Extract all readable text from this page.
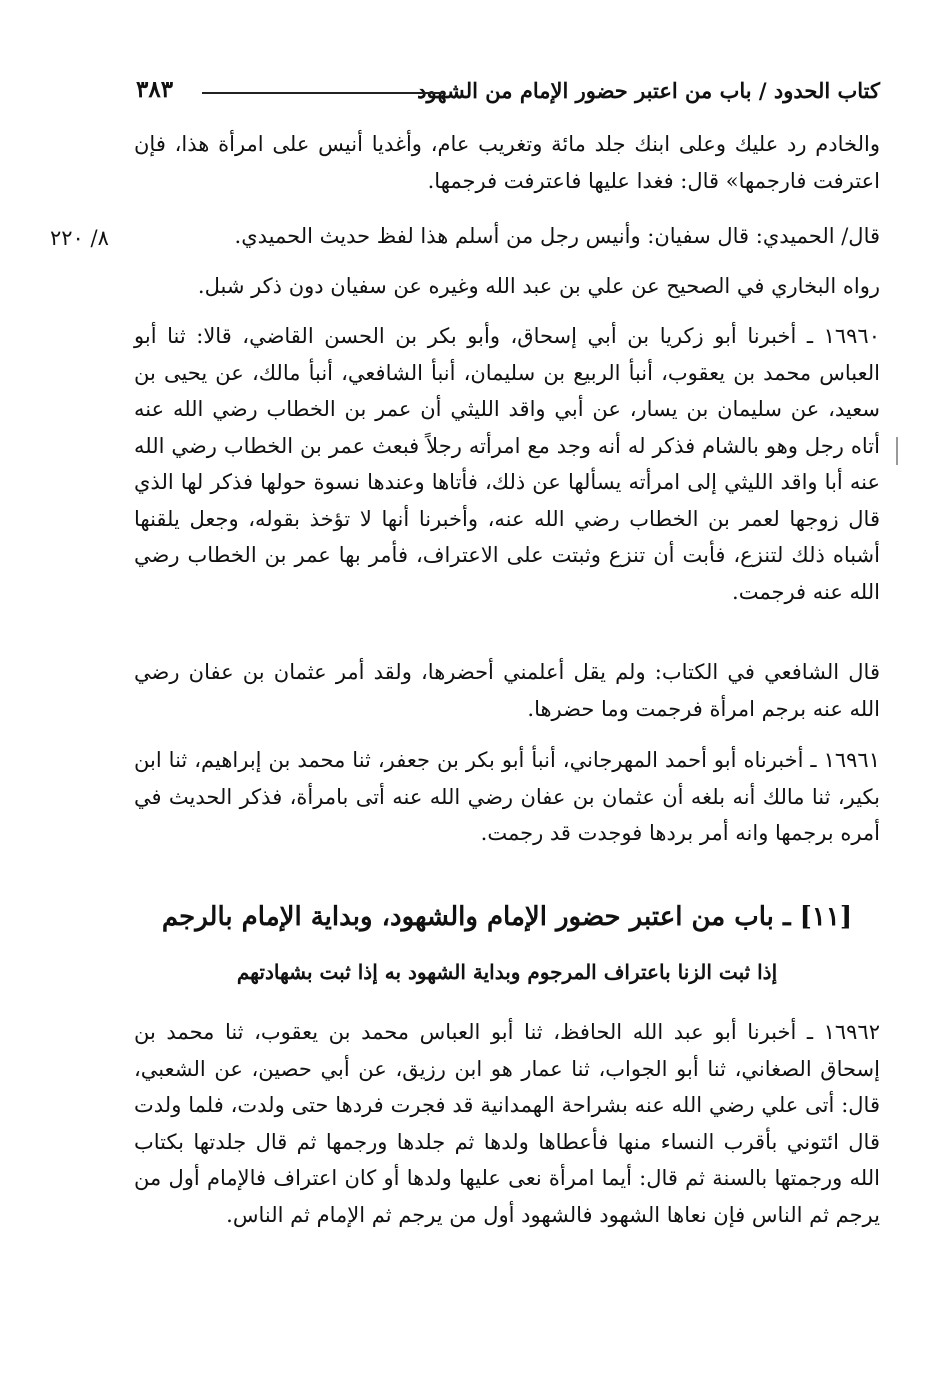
كتاب الحدود / باب من اعتبر حضور الإمام من الشهود
٣٨٣
٨/ ٢٢٠

والخادم رد عليك وعلى ابنك جلد مائة وتغريب عام، وأغديا أنيس على امرأة هذا، فإن اعترفت فارجمها» قال: فغدا عليها فاعترفت فرجمها.

قال/ الحميدي: قال سفيان: وأنيس رجل من أسلم هذا لفظ حديث الحميدي.

رواه البخاري في الصحيح عن علي بن عبد الله وغيره عن سفيان دون ذكر شبل.

١٦٩٦٠ ـ أخبرنا أبو زكريا بن أبي إسحاق، وأبو بكر بن الحسن القاضي، قالا: ثنا أبو العباس محمد بن يعقوب، أنبأ الربيع بن سليمان، أنبأ الشافعي، أنبأ مالك، عن يحيى بن سعيد، عن سليمان بن يسار، عن أبي واقد الليثي أن عمر بن الخطاب رضي الله عنه أتاه رجل وهو بالشام فذكر له أنه وجد مع امرأته رجلاً فبعث عمر بن الخطاب رضي الله عنه أبا واقد الليثي إلى امرأته يسألها عن ذلك، فأتاها وعندها نسوة حولها فذكر لها الذي قال زوجها لعمر بن الخطاب رضي الله عنه، وأخبرنا أنها لا تؤخذ بقوله، وجعل يلقنها أشباه ذلك لتنزع، فأبت أن تنزع وثبتت على الاعتراف، فأمر بها عمر بن الخطاب رضي الله عنه فرجمت.

قال الشافعي في الكتاب: ولم يقل أعلمني أحضرها، ولقد أمر عثمان بن عفان رضي الله عنه برجم امرأة فرجمت وما حضرها.

١٦٩٦١ ـ أخبرناه أبو أحمد المهرجاني، أنبأ أبو بكر بن جعفر، ثنا محمد بن إبراهيم، ثنا ابن بكير، ثنا مالك أنه بلغه أن عثمان بن عفان رضي الله عنه أتى بامرأة، فذكر الحديث في أمره برجمها وانه أمر بردها فوجدت قد رجمت.

[١١] ـ باب من اعتبر حضور الإمام والشهود، وبداية الإمام بالرجم
إذا ثبت الزنا باعتراف المرجوم وبداية الشهود به إذا ثبت بشهادتهم

١٦٩٦٢ ـ أخبرنا أبو عبد الله الحافظ، ثنا أبو العباس محمد بن يعقوب، ثنا محمد بن إسحاق الصغاني، ثنا أبو الجواب، ثنا عمار هو ابن رزيق، عن أبي حصين، عن الشعبي، قال: أتى علي رضي الله عنه بشراحة الهمدانية قد فجرت فردها حتى ولدت، فلما ولدت قال ائتوني بأقرب النساء منها فأعطاها ولدها ثم جلدها ورجمها ثم قال جلدتها بكتاب الله ورجمتها بالسنة ثم قال: أيما امرأة نعى عليها ولدها أو كان اعتراف فالإمام أول من يرجم ثم الناس فإن نعاها الشهود فالشهود أول من يرجم ثم الإمام ثم الناس.
